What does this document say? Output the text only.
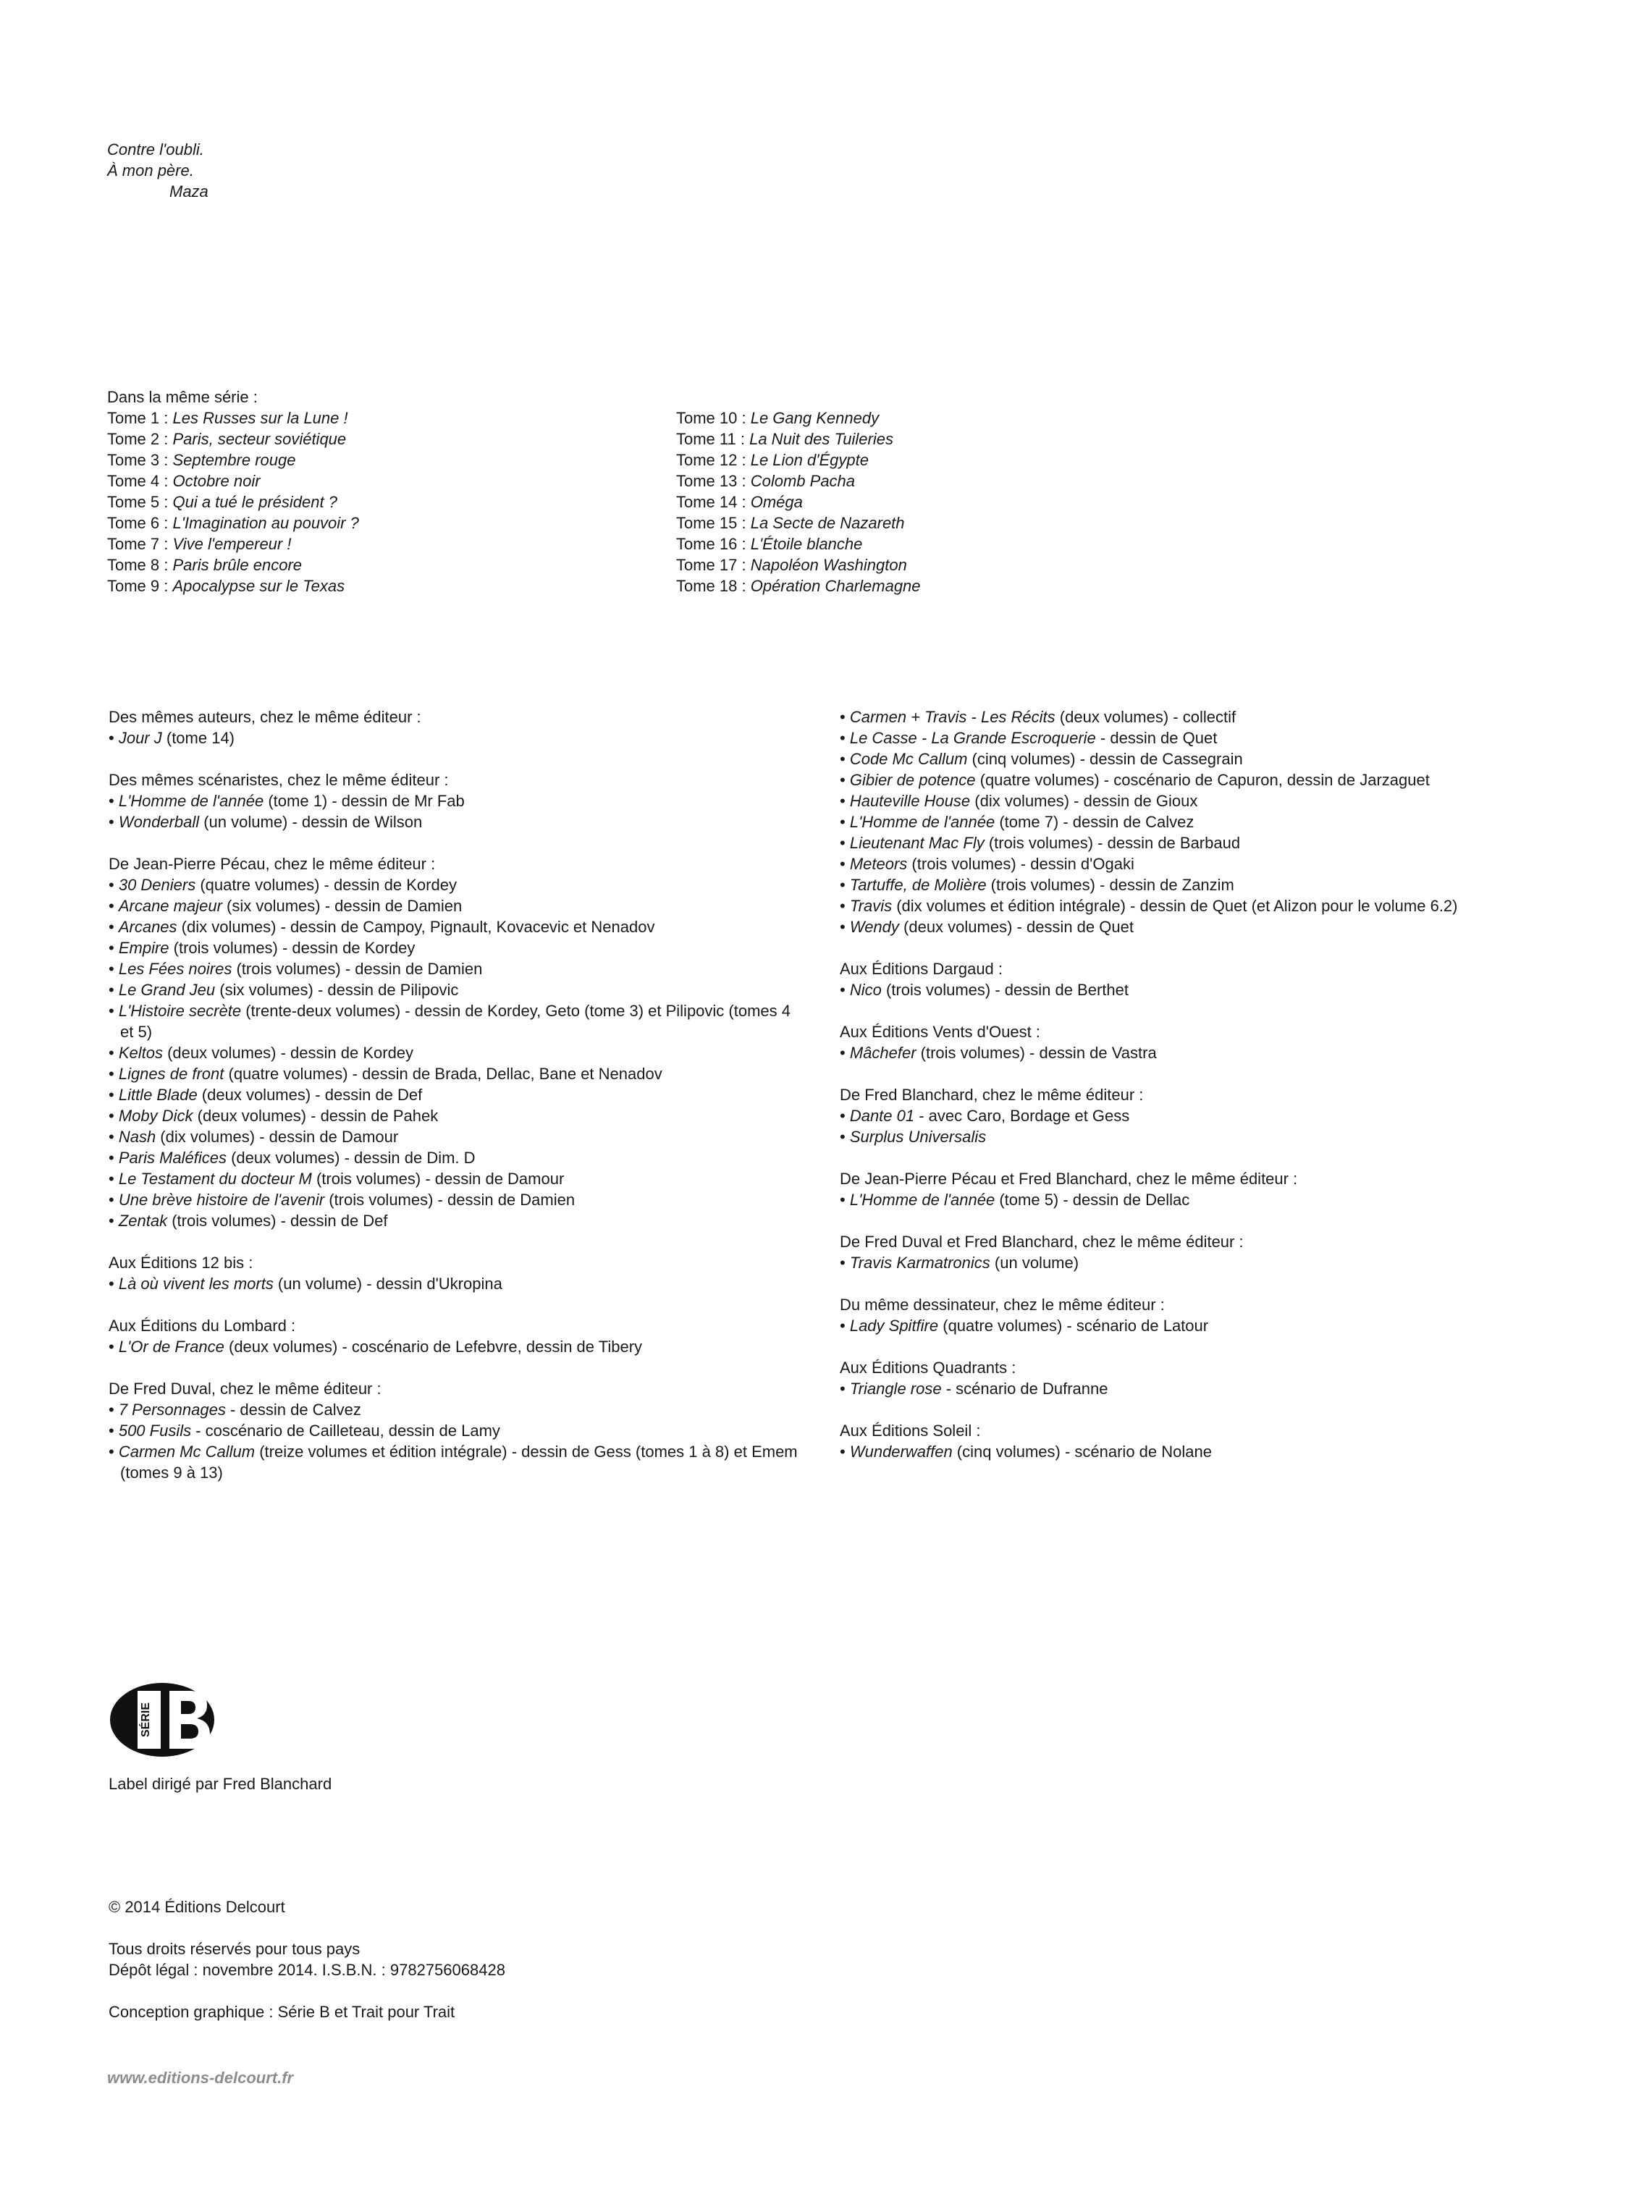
Contre l'oubli.
À mon père.
Maza
Dans la même série :
Tome 1 : Les Russes sur la Lune !
Tome 2 : Paris, secteur soviétique
Tome 3 : Septembre rouge
Tome 4 : Octobre noir
Tome 5 : Qui a tué le président ?
Tome 6 : L'Imagination au pouvoir ?
Tome 7 : Vive l'empereur !
Tome 8 : Paris brûle encore
Tome 9 : Apocalypse sur le Texas
Tome 10 : Le Gang Kennedy
Tome 11 : La Nuit des Tuileries
Tome 12 : Le Lion d'Égypte
Tome 13 : Colomb Pacha
Tome 14 : Oméga
Tome 15 : La Secte de Nazareth
Tome 16 : L'Étoile blanche
Tome 17 : Napoléon Washington
Tome 18 : Opération Charlemagne
Des mêmes auteurs, chez le même éditeur :
• Jour J (tome 14)
Des mêmes scénaristes, chez le même éditeur :
• L'Homme de l'année (tome 1) - dessin de Mr Fab
• Wonderball (un volume) - dessin de Wilson
De Jean-Pierre Pécau, chez le même éditeur :
• 30 Deniers (quatre volumes) - dessin de Kordey
• Arcane majeur (six volumes) - dessin de Damien
• Arcanes (dix volumes) - dessin de Campoy, Pignault, Kovacevic et Nenadov
• Empire (trois volumes) - dessin de Kordey
• Les Fées noires (trois volumes) - dessin de Damien
• Le Grand Jeu (six volumes) - dessin de Pilipovic
• L'Histoire secrète (trente-deux volumes) - dessin de Kordey, Geto (tome 3) et Pilipovic (tomes 4 et 5)
• Keltos (deux volumes) - dessin de Kordey
• Lignes de front (quatre volumes) - dessin de Brada, Dellac, Bane et Nenadov
• Little Blade (deux volumes) - dessin de Def
• Moby Dick (deux volumes) - dessin de Pahek
• Nash (dix volumes) - dessin de Damour
• Paris Maléfices (deux volumes) - dessin de Dim. D
• Le Testament du docteur M (trois volumes) - dessin de Damour
• Une brève histoire de l'avenir (trois volumes) - dessin de Damien
• Zentak (trois volumes) - dessin de Def
Aux Éditions 12 bis :
• Là où vivent les morts (un volume) - dessin d'Ukropina
Aux Éditions du Lombard :
• L'Or de France (deux volumes) - coscénario de Lefebvre, dessin de Tibery
De Fred Duval, chez le même éditeur :
• 7 Personnages - dessin de Calvez
• 500 Fusils - coscénario de Cailleteau, dessin de Lamy
• Carmen Mc Callum (treize volumes et édition intégrale) - dessin de Gess (tomes 1 à 8) et Emem (tomes 9 à 13)
• Carmen + Travis - Les Récits (deux volumes) - collectif
• Le Casse - La Grande Escroquerie - dessin de Quet
• Code Mc Callum (cinq volumes) - dessin de Cassegrain
• Gibier de potence (quatre volumes) - coscénario de Capuron, dessin de Jarzaguet
• Hauteville House (dix volumes) - dessin de Gioux
• L'Homme de l'année (tome 7) - dessin de Calvez
• Lieutenant Mac Fly (trois volumes) - dessin de Barbaud
• Meteors (trois volumes) - dessin d'Ogaki
• Tartuffe, de Molière (trois volumes) - dessin de Zanzim
• Travis (dix volumes et édition intégrale) - dessin de Quet (et Alizon pour le volume 6.2)
• Wendy (deux volumes) - dessin de Quet
Aux Éditions Dargaud :
• Nico (trois volumes) - dessin de Berthet
Aux Éditions Vents d'Ouest :
• Mâchefer (trois volumes) - dessin de Vastra
De Fred Blanchard, chez le même éditeur :
• Dante 01 - avec Caro, Bordage et Gess
• Surplus Universalis
De Jean-Pierre Pécau et Fred Blanchard, chez le même éditeur :
• L'Homme de l'année (tome 5) - dessin de Dellac
De Fred Duval et Fred Blanchard, chez le même éditeur :
• Travis Karmatronics (un volume)
Du même dessinateur, chez le même éditeur :
• Lady Spitfire (quatre volumes) - scénario de Latour
Aux Éditions Quadrants :
• Triangle rose - scénario de Dufranne
Aux Éditions Soleil :
• Wunderwaffen (cinq volumes) - scénario de Nolane
SÉRIE
Label dirigé par Fred Blanchard
© 2014 Éditions Delcourt

Tous droits réservés pour tous pays
Dépôt légal : novembre 2014. I.S.B.N. : 9782756068428

Conception graphique : Série B et Trait pour Trait
www.editions-delcourt.fr
